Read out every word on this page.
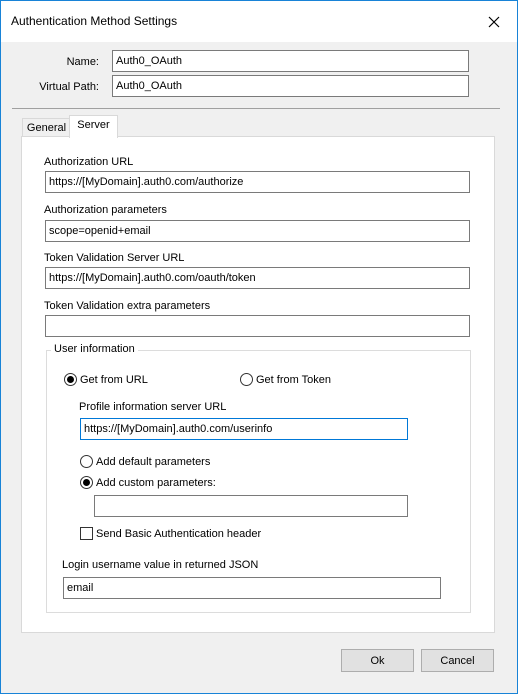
Authentication Method Settings
Name:
Auth0_OAuth
Virtual Path:
Auth0_OAuth
General	Server
Authorization URL
https://[MyDomain].auth0.com/authorize
Authorization parameters
scope=openid+email
Token Validation Server URL
https://[MyDomain].auth0.com/oauth/token
Token Validation extra parameters
User information
Get from URL	Get from Token
Profile information server URL
https://[MyDomain].auth0.com/userinfo
Add default parameters
Add custom parameters:
Send Basic Authentication header
Login username value in returned JSON
email
Ok	Cancel
